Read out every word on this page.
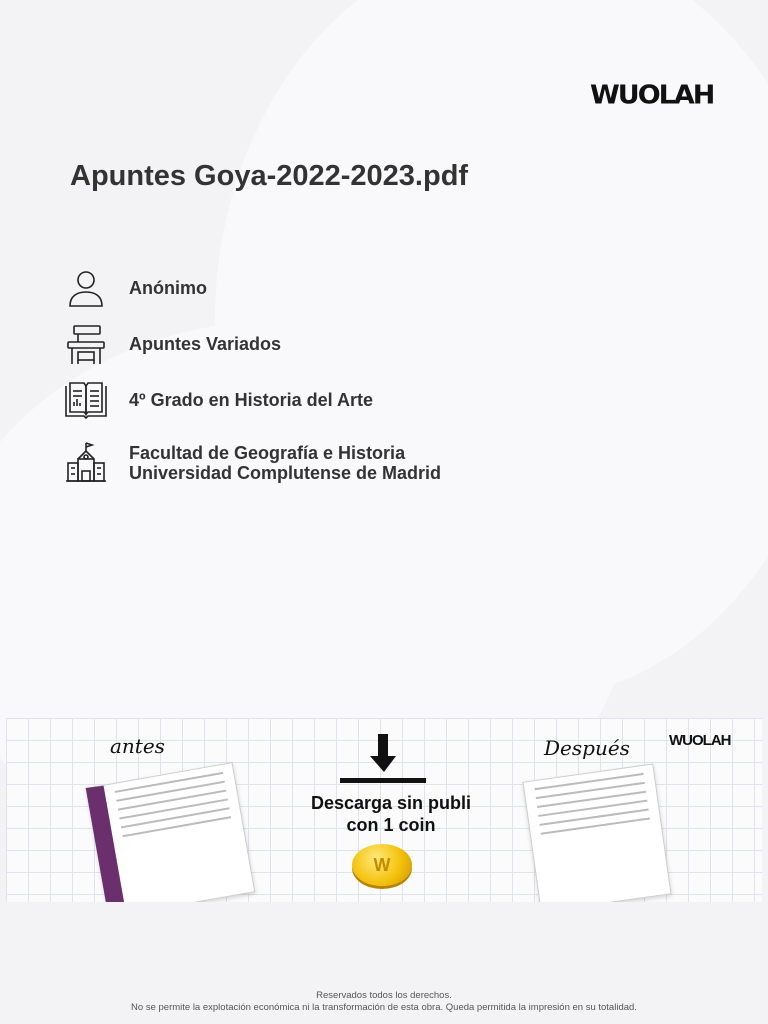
WUOLAH
Apuntes Goya-2022-2023.pdf
Anónimo
Apuntes Variados
4º Grado en Historia del Arte
Facultad de Geografía e Historia
Universidad Complutense de Madrid
antes	Después	WUOLAH
Descarga sin publi
con 1 coin
W
Reservados todos los derechos.
No se permite la explotación económica ni la transformación de esta obra. Queda permitida la impresión en su totalidad.
